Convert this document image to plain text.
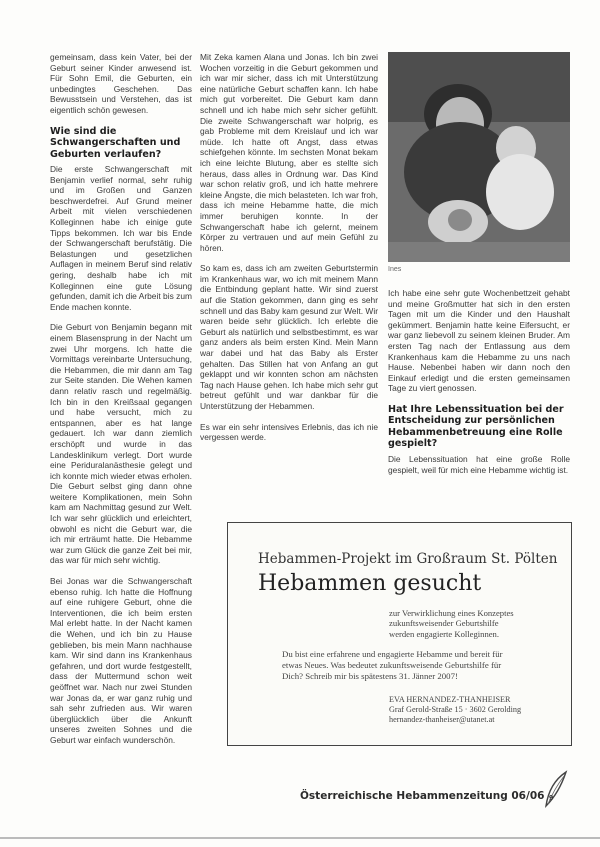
gemeinsam, dass kein Vater, bei der Geburt seiner Kinder anwesend ist. Für Sohn Emil, die Geburten, ein unbedingtes Geschehen. Das Bewusstsein und Verstehen, das ist eigentlich schön gewesen.

Wie sind die Schwangerschaften und Geburten verlaufen?

Die erste Schwangerschaft mit Benjamin verlief normal, sehr ruhig und im Großen und Ganzen beschwerdefrei. Auf Grund meiner Arbeit mit vielen verschiedenen Kolleginnen habe ich einige gute Tipps bekommen. Ich war bis Ende der Schwangerschaft berufstätig. Die Belastungen und gesetzlichen Auflagen in meinem Beruf sind relativ gering, deshalb habe ich mit Kolleginnen eine gute Lösung gefunden, damit ich die Arbeit bis zum Ende machen konnte.

Die Geburt von Benjamin begann mit einem Blasensprung in der Nacht um zwei Uhr morgens. Ich hatte die Vormittags vereinbarte Untersuchung, die Hebammen, die mir dann am Tag zur Seite standen. Die Wehen kamen dann relativ rasch und regelmäßig. Ich bin in den Kreißsaal gegangen und habe versucht, mich zu entspannen, aber es hat lange gedauert. Ich war dann ziemlich erschöpft und wurde in das Landesklinikum verlegt. Dort wurde eine Periduralanästhesie gelegt und ich konnte mich wieder etwas erholen. Die Geburt selbst ging dann ohne weitere Komplikationen, mein Sohn kam am Nachmittag gesund zur Welt. Ich war sehr glücklich und erleichtert, obwohl es nicht die Geburt war, die ich mir erträumt hatte. Die Hebamme war zum Glück die ganze Zeit bei mir, das war für mich sehr wichtig.

Bei Jonas war die Schwangerschaft ebenso ruhig. Ich hatte die Hoffnung auf eine ruhigere Geburt, ohne die Interventionen, die ich beim ersten Mal erlebt hatte. In der Nacht kamen die Wehen, und ich bin zu Hause geblieben, bis mein Mann nachhause kam. Wir sind dann ins Krankenhaus gefahren, und dort wurde festgestellt, dass der Muttermund schon weit geöffnet war. Nach nur zwei Stunden war Jonas da, er war ganz ruhig und sah sehr zufrieden aus. Wir waren überglücklich über die Ankunft unseres zweiten Sohnes und die Geburt war einfach wunderschön.

Mit Zeka kamen Alana und Jonas. Ich bin zwei Wochen vorzeitig in die Geburt gekommen und ich war mir sicher, dass ich mit Unterstützung eine natürliche Geburt schaffen kann. Ich habe mich gut vorbereitet. Die Geburt kam dann schnell und ich habe mich sehr sicher gefühlt. Die zweite Schwangerschaft war holprig, es gab Probleme mit dem Kreislauf und ich war müde. Ich hatte oft Angst, dass etwas schiefgehen könnte. Im sechsten Monat bekam ich eine leichte Blutung, aber es stellte sich heraus, dass alles in Ordnung war. Das Kind war schon relativ groß, und ich hatte mehrere kleine Ängste, die mich belasteten. Ich war froh, dass ich meine Hebamme hatte, die mich immer beruhigen konnte. In der Schwangerschaft habe ich gelernt, meinem Körper zu vertrauen und auf mein Gefühl zu hören.

So kam es, dass ich am zweiten Geburtstermin im Krankenhaus war, wo ich mit meinem Mann die Entbindung geplant hatte. Wir sind zuerst auf die Station gekommen, dann ging es sehr schnell und das Baby kam gesund zur Welt. Wir waren beide sehr glücklich. Ich erlebte die Geburt als natürlich und selbstbestimmt, es war ganz anders als beim ersten Kind. Mein Mann war dabei und hat das Baby als Erster gehalten. Das Stillen hat von Anfang an gut geklappt und wir konnten schon am nächsten Tag nach Hause gehen. Ich habe mich sehr gut betreut gefühlt und war dankbar für die Unterstützung der Hebammen.

Es war ein sehr intensives Erlebnis, das ich nie vergessen werde.

Ines

Ich habe eine sehr gute Wochenbettzeit gehabt und meine Großmutter hat sich in den ersten Tagen mit um die Kinder und den Haushalt gekümmert. Benjamin hatte keine Eifersucht, er war ganz liebevoll zu seinem kleinen Bruder. Am ersten Tag nach der Entlassung aus dem Krankenhaus kam die Hebamme zu uns nach Hause. Nebenbei haben wir dann noch den Einkauf erledigt und die ersten gemeinsamen Tage zu viert genossen.

Hat Ihre Lebenssituation bei der Entscheidung zur persönlichen Hebammenbetreuung eine Rolle gespielt?

Die Lebenssituation hat eine große Rolle gespielt, weil für mich eine Hebamme wichtig ist.

Hebammen-Projekt im Großraum St. Pölten
Hebammen gesucht
zur Verwirklichung eines Konzeptes
zukunftsweisender Geburtshilfe
werden engagierte Kolleginnen.
Du bist eine erfahrene und engagierte Hebamme und bereit für etwas Neues. Was bedeutet zukunftsweisende Geburtshilfe für Dich? Schreib mir bis spätestens 31. Jänner 2007!
EVA HERNANDEZ-THANHEISER
Graf Gerold-Straße 15 · 3602 Gerolding
hernandez-thanheiser@utanet.at
Österreichische Hebammenzeitung 06/06 9
